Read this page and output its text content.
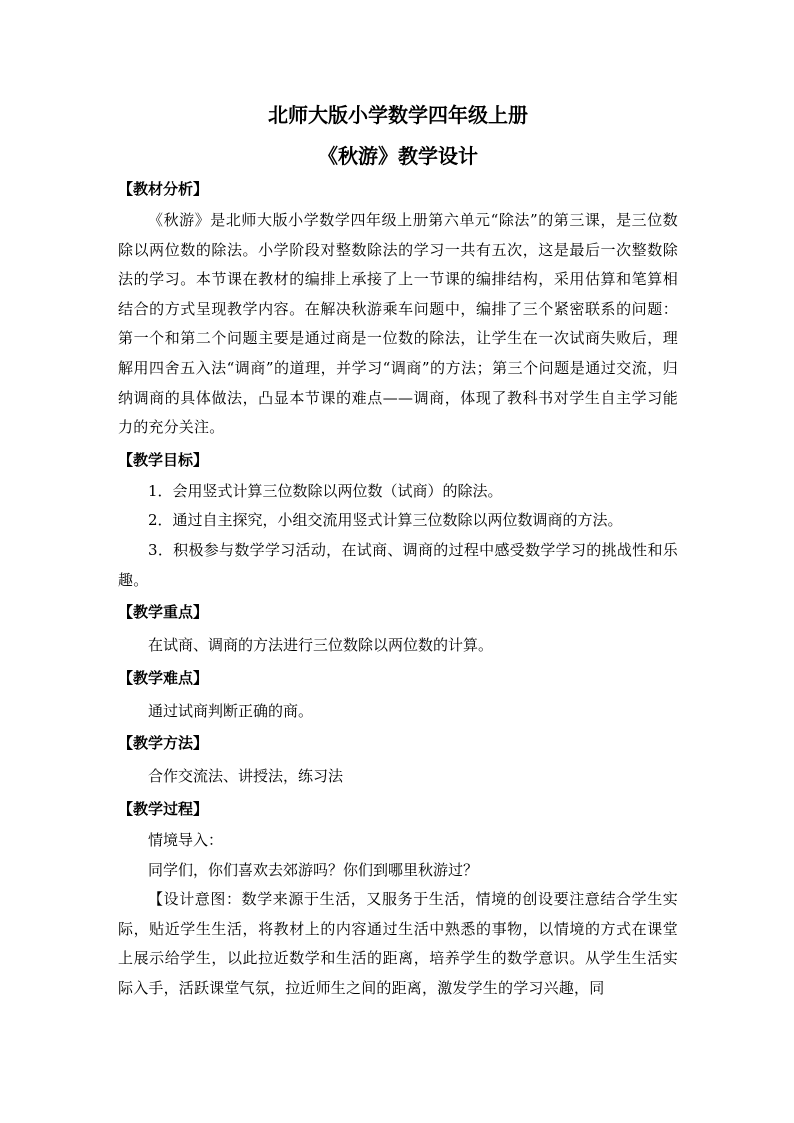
北师大版小学数学四年级上册
《秋游》教学设计

【教材分析】

《秋游》是北师大版小学数学四年级上册第六单元“除法”的第三课，是三位数除以两位数的除法。小学阶段对整数除法的学习一共有五次，这是最后一次整数除法的学习。本节课在教材的编排上承接了上一节课的编排结构，采用估算和笔算相结合的方式呈现教学内容。在解决秋游乘车问题中，编排了三个紧密联系的问题：第一个和第二个问题主要是通过商是一位数的除法，让学生在一次试商失败后，理解用四舍五入法“调商”的道理，并学习“调商”的方法；第三个问题是通过交流，归纳调商的具体做法，凸显本节课的难点——调商，体现了教科书对学生自主学习能力的充分关注。

【教学目标】

1．会用竖式计算三位数除以两位数（试商）的除法。

2．通过自主探究，小组交流用竖式计算三位数除以两位数调商的方法。

3．积极参与数学学习活动，在试商、调商的过程中感受数学学习的挑战性和乐趣。

【教学重点】

在试商、调商的方法进行三位数除以两位数的计算。

【教学难点】

通过试商判断正确的商。

【教学方法】

合作交流法、讲授法，练习法

【教学过程】

情境导入：

同学们，你们喜欢去郊游吗？你们到哪里秋游过？

【设计意图：数学来源于生活，又服务于生活，情境的创设要注意结合学生实际，贴近学生生活，将教材上的内容通过生活中熟悉的事物，以情境的方式在课堂上展示给学生，以此拉近数学和生活的距离，培养学生的数学意识。从学生生活实际入手，活跃课堂气氛，拉近师生之间的距离，激发学生的学习兴趣，同
